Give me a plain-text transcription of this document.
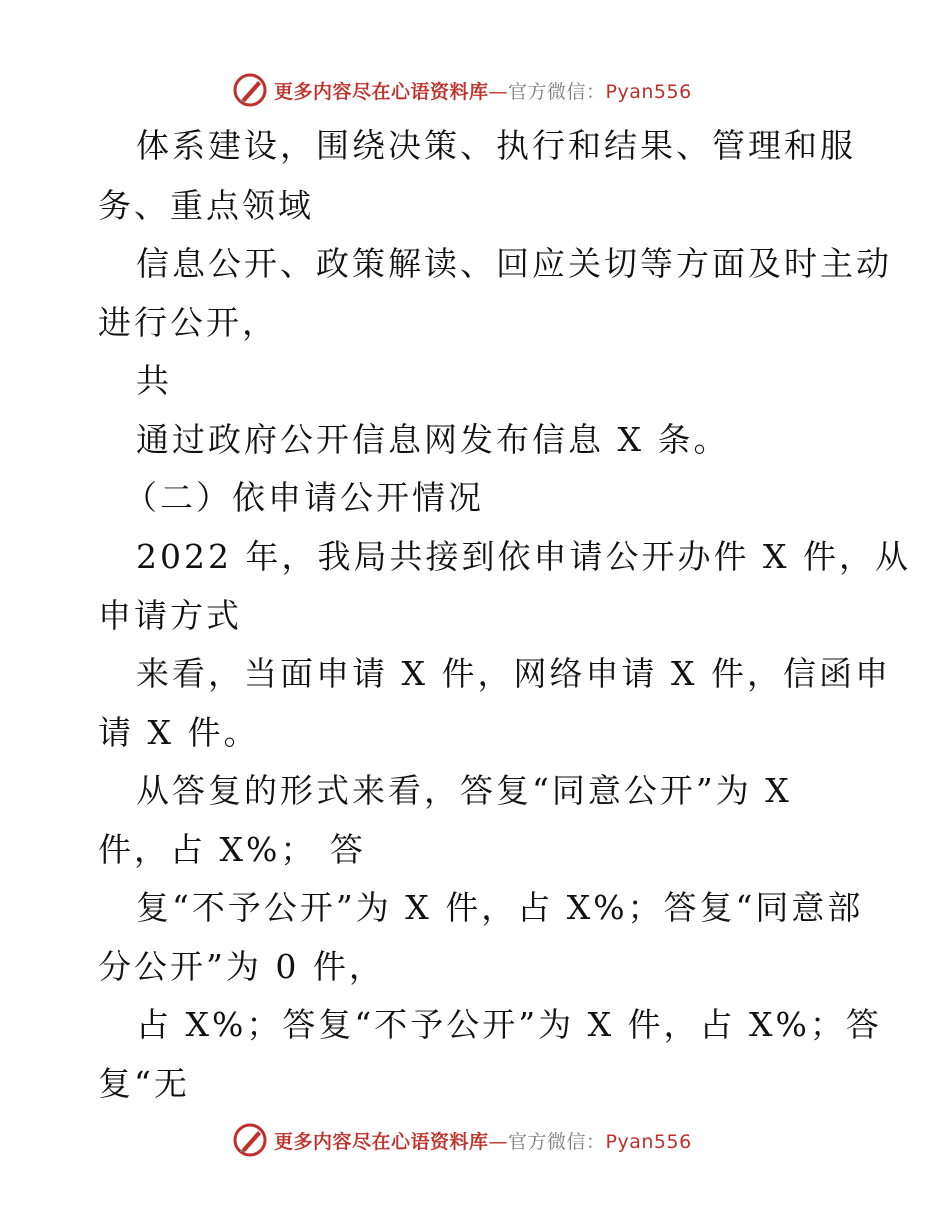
更多内容尽在心语资料库—官方微信：Pyan556
体系建设，围绕决策、执行和结果、管理和服
务、重点领域
信息公开、政策解读、回应关切等方面及时主动
进行公开，
共
通过政府公开信息网发布信息 X 条。
（二）依申请公开情况
2022 年，我局共接到依申请公开办件 X 件，从
申请方式
来看，当面申请 X 件，网络申请 X 件，信函申
请 X 件。
从答复的形式来看，答复“同意公开”为 X
件，占 X%； 答
复“不予公开”为 X 件，占 X%；答复“同意部
分公开”为 0 件，
占 X%；答复“不予公开”为 X 件，占 X%；答
复“无
更多内容尽在心语资料库—官方微信：Pyan556
